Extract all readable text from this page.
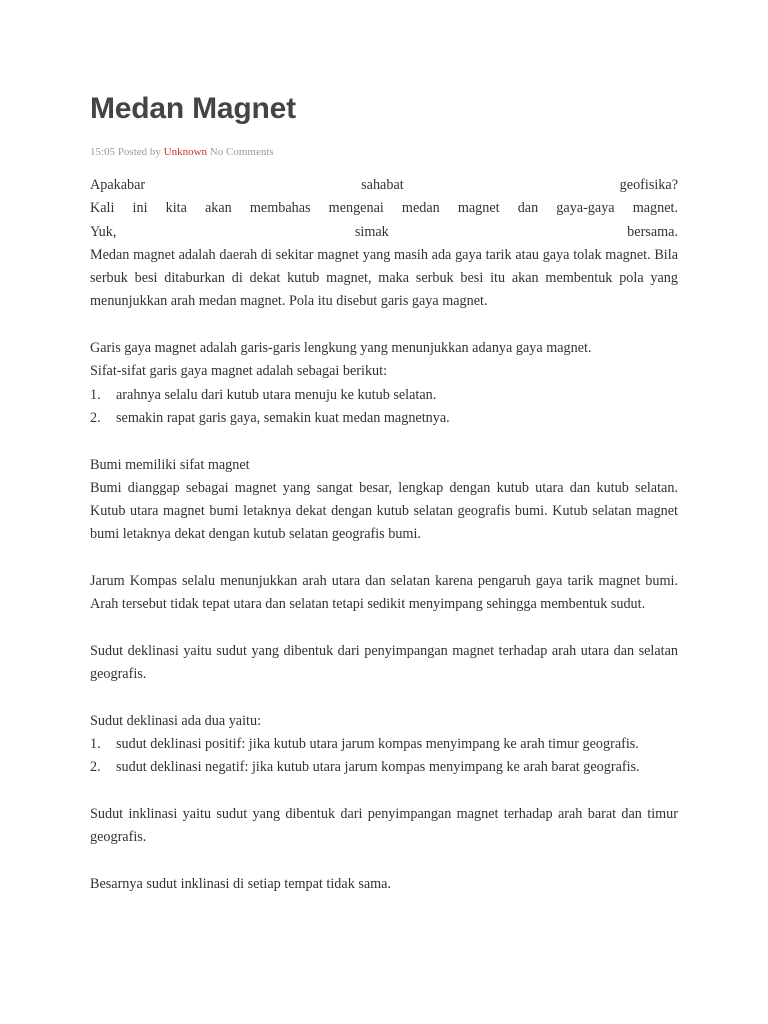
Medan Magnet
15:05 Posted by Unknown No Comments

Apakabar sahabat geofisika?

Kali ini kita akan membahas mengenai medan magnet dan gaya-gaya magnet.

Yuk, simak bersama.

Medan magnet adalah daerah di sekitar magnet yang masih ada gaya tarik atau gaya tolak magnet. Bila serbuk besi ditaburkan di dekat kutub magnet, maka serbuk besi itu akan membentuk pola yang menunjukkan arah medan magnet. Pola itu disebut garis gaya magnet.

Garis gaya magnet adalah garis-garis lengkung yang menunjukkan adanya gaya magnet.

Sifat-sifat garis gaya magnet adalah sebagai berikut:

1.	arahnya selalu dari kutub utara menuju ke kutub selatan.
2.	semakin rapat garis gaya, semakin kuat medan magnetnya.

Bumi memiliki sifat magnet

Bumi dianggap sebagai magnet yang sangat besar, lengkap dengan kutub utara dan kutub selatan. Kutub utara magnet bumi letaknya dekat dengan kutub selatan geografis bumi. Kutub selatan magnet bumi letaknya dekat dengan kutub selatan geografis bumi.

Jarum Kompas selalu menunjukkan arah utara dan selatan karena pengaruh gaya tarik magnet bumi. Arah tersebut tidak tepat utara dan selatan tetapi sedikit menyimpang sehingga membentuk sudut.

Sudut deklinasi yaitu sudut yang dibentuk dari penyimpangan magnet terhadap arah utara dan selatan geografis.

Sudut deklinasi ada dua yaitu:

1.	sudut deklinasi positif: jika kutub utara jarum kompas menyimpang ke arah timur geografis.
2.	sudut deklinasi negatif: jika kutub utara jarum kompas menyimpang ke arah barat geografis.

Sudut inklinasi yaitu sudut yang dibentuk dari penyimpangan magnet terhadap arah barat dan timur geografis.

Besarnya sudut inklinasi di setiap tempat tidak sama.
